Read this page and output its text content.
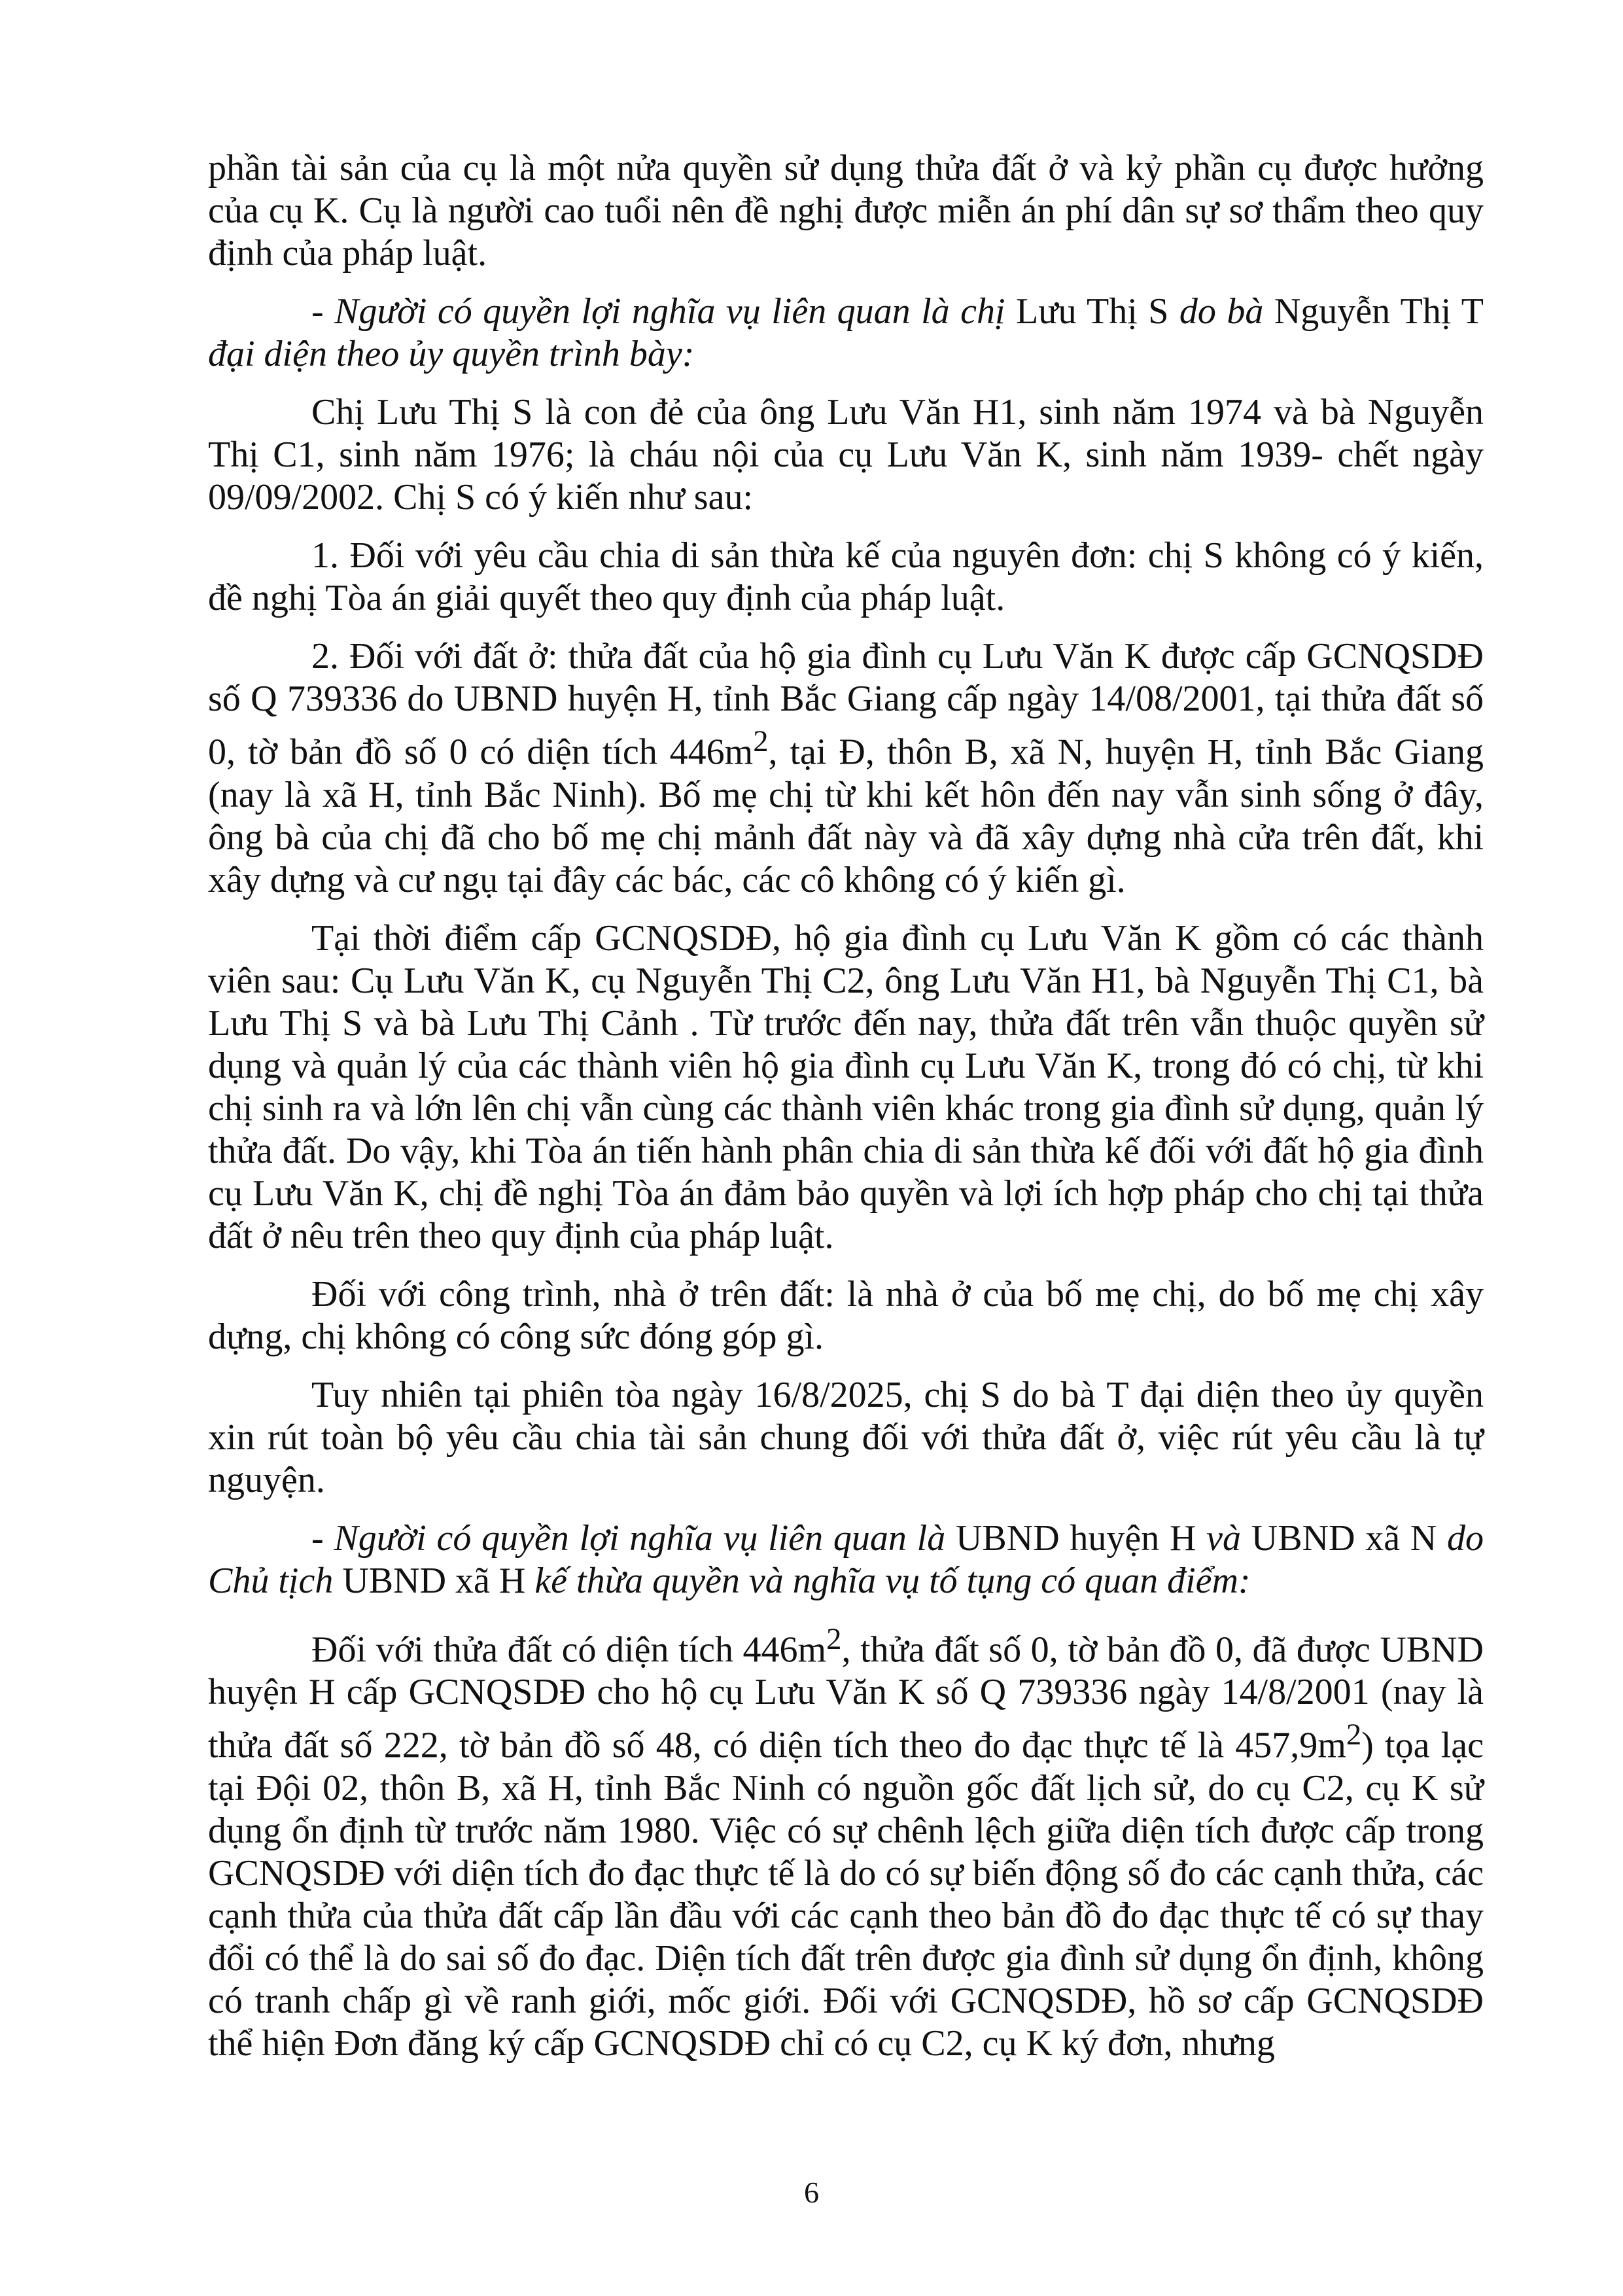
phần tài sản của cụ là một nửa quyền sử dụng thửa đất ở và kỷ phần cụ được hưởng của cụ K. Cụ là người cao tuổi nên đề nghị được miễn án phí dân sự sơ thẩm theo quy định của pháp luật.

- Người có quyền lợi nghĩa vụ liên quan là chị Lưu Thị S do bà Nguyễn Thị T đại diện theo ủy quyền trình bày:

Chị Lưu Thị S là con đẻ của ông Lưu Văn H1, sinh năm 1974 và bà Nguyễn Thị C1, sinh năm 1976; là cháu nội của cụ Lưu Văn K, sinh năm 1939- chết ngày 09/09/2002. Chị S có ý kiến như sau:

1. Đối với yêu cầu chia di sản thừa kế của nguyên đơn: chị S không có ý kiến, đề nghị Tòa án giải quyết theo quy định của pháp luật.

2. Đối với đất ở: thửa đất của hộ gia đình cụ Lưu Văn K được cấp GCNQSDĐ số Q 739336 do UBND huyện H, tỉnh Bắc Giang cấp ngày 14/08/2001, tại thửa đất số 0, tờ bản đồ số 0 có diện tích $446m^2$, tại Đ, thôn B, xã N, huyện H, tỉnh Bắc Giang (nay là xã H, tỉnh Bắc Ninh). Bố mẹ chị từ khi kết hôn đến nay vẫn sinh sống ở đây, ông bà của chị đã cho bố mẹ chị mảnh đất này và đã xây dựng nhà cửa trên đất, khi xây dựng và cư ngụ tại đây các bác, các cô không có ý kiến gì.

Tại thời điểm cấp GCNQSDĐ, hộ gia đình cụ Lưu Văn K gồm có các thành viên sau: Cụ Lưu Văn K, cụ Nguyễn Thị C2, ông Lưu Văn H1, bà Nguyễn Thị C1, bà Lưu Thị S và bà Lưu Thị Cảnh . Từ trước đến nay, thửa đất trên vẫn thuộc quyền sử dụng và quản lý của các thành viên hộ gia đình cụ Lưu Văn K, trong đó có chị, từ khi chị sinh ra và lớn lên chị vẫn cùng các thành viên khác trong gia đình sử dụng, quản lý thửa đất. Do vậy, khi Tòa án tiến hành phân chia di sản thừa kế đối với đất hộ gia đình cụ Lưu Văn K, chị đề nghị Tòa án đảm bảo quyền và lợi ích hợp pháp cho chị tại thửa đất ở nêu trên theo quy định của pháp luật.

Đối với công trình, nhà ở trên đất: là nhà ở của bố mẹ chị, do bố mẹ chị xây dựng, chị không có công sức đóng góp gì.

Tuy nhiên tại phiên tòa ngày 16/8/2025, chị S do bà T đại diện theo ủy quyền xin rút toàn bộ yêu cầu chia tài sản chung đối với thửa đất ở, việc rút yêu cầu là tự nguyện.

- Người có quyền lợi nghĩa vụ liên quan là UBND huyện H và UBND xã N do Chủ tịch UBND xã H kế thừa quyền và nghĩa vụ tố tụng có quan điểm:

Đối với thửa đất có diện tích $446m^2$, thửa đất số 0, tờ bản đồ 0, đã được UBND huyện H cấp GCNQSDĐ cho hộ cụ Lưu Văn K số Q 739336 ngày 14/8/2001 (nay là thửa đất số 222, tờ bản đồ số 48, có diện tích theo đo đạc thực tế là $457,9m^2$) tọa lạc tại Đội 02, thôn B, xã H, tỉnh Bắc Ninh có nguồn gốc đất lịch sử, do cụ C2, cụ K sử dụng ổn định từ trước năm 1980. Việc có sự chênh lệch giữa diện tích được cấp trong GCNQSDĐ với diện tích đo đạc thực tế là do có sự biến động số đo các cạnh thửa, các cạnh thửa của thửa đất cấp lần đầu với các cạnh theo bản đồ đo đạc thực tế có sự thay đổi có thể là do sai số đo đạc. Diện tích đất trên được gia đình sử dụng ổn định, không có tranh chấp gì về ranh giới, mốc giới. Đối với GCNQSDĐ, hồ sơ cấp GCNQSDĐ thể hiện Đơn đăng ký cấp GCNQSDĐ chỉ có cụ C2, cụ K ký đơn, nhưng

6
